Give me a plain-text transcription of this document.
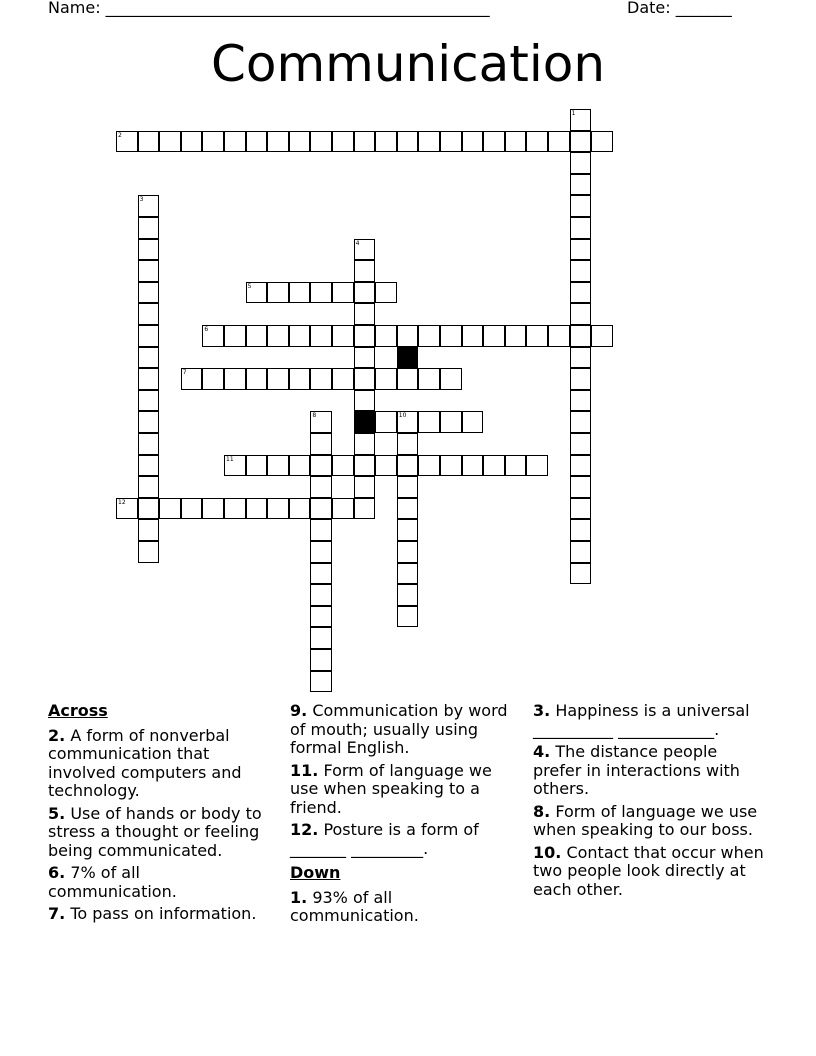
Name: ________________________________________________	Date: _______
Communication
1
2
3
4
9
5
6
7
8	10
11
12
Across
2. A form of nonverbal communication that involved computers and technology.
5. Use of hands or body to stress a thought or feeling being communicated.
6. 7% of all communication.
7. To pass on information.
9. Communication by word of mouth; usually using formal English.
11. Form of language we use when speaking to a friend.
12. Posture is a form of _______ _________.
Down
1. 93% of all communication.
3. Happiness is a universal __________ ____________.
4. The distance people prefer in interactions with others.
8. Form of language we use when speaking to our boss.
10. Contact that occur when two people look directly at each other.
